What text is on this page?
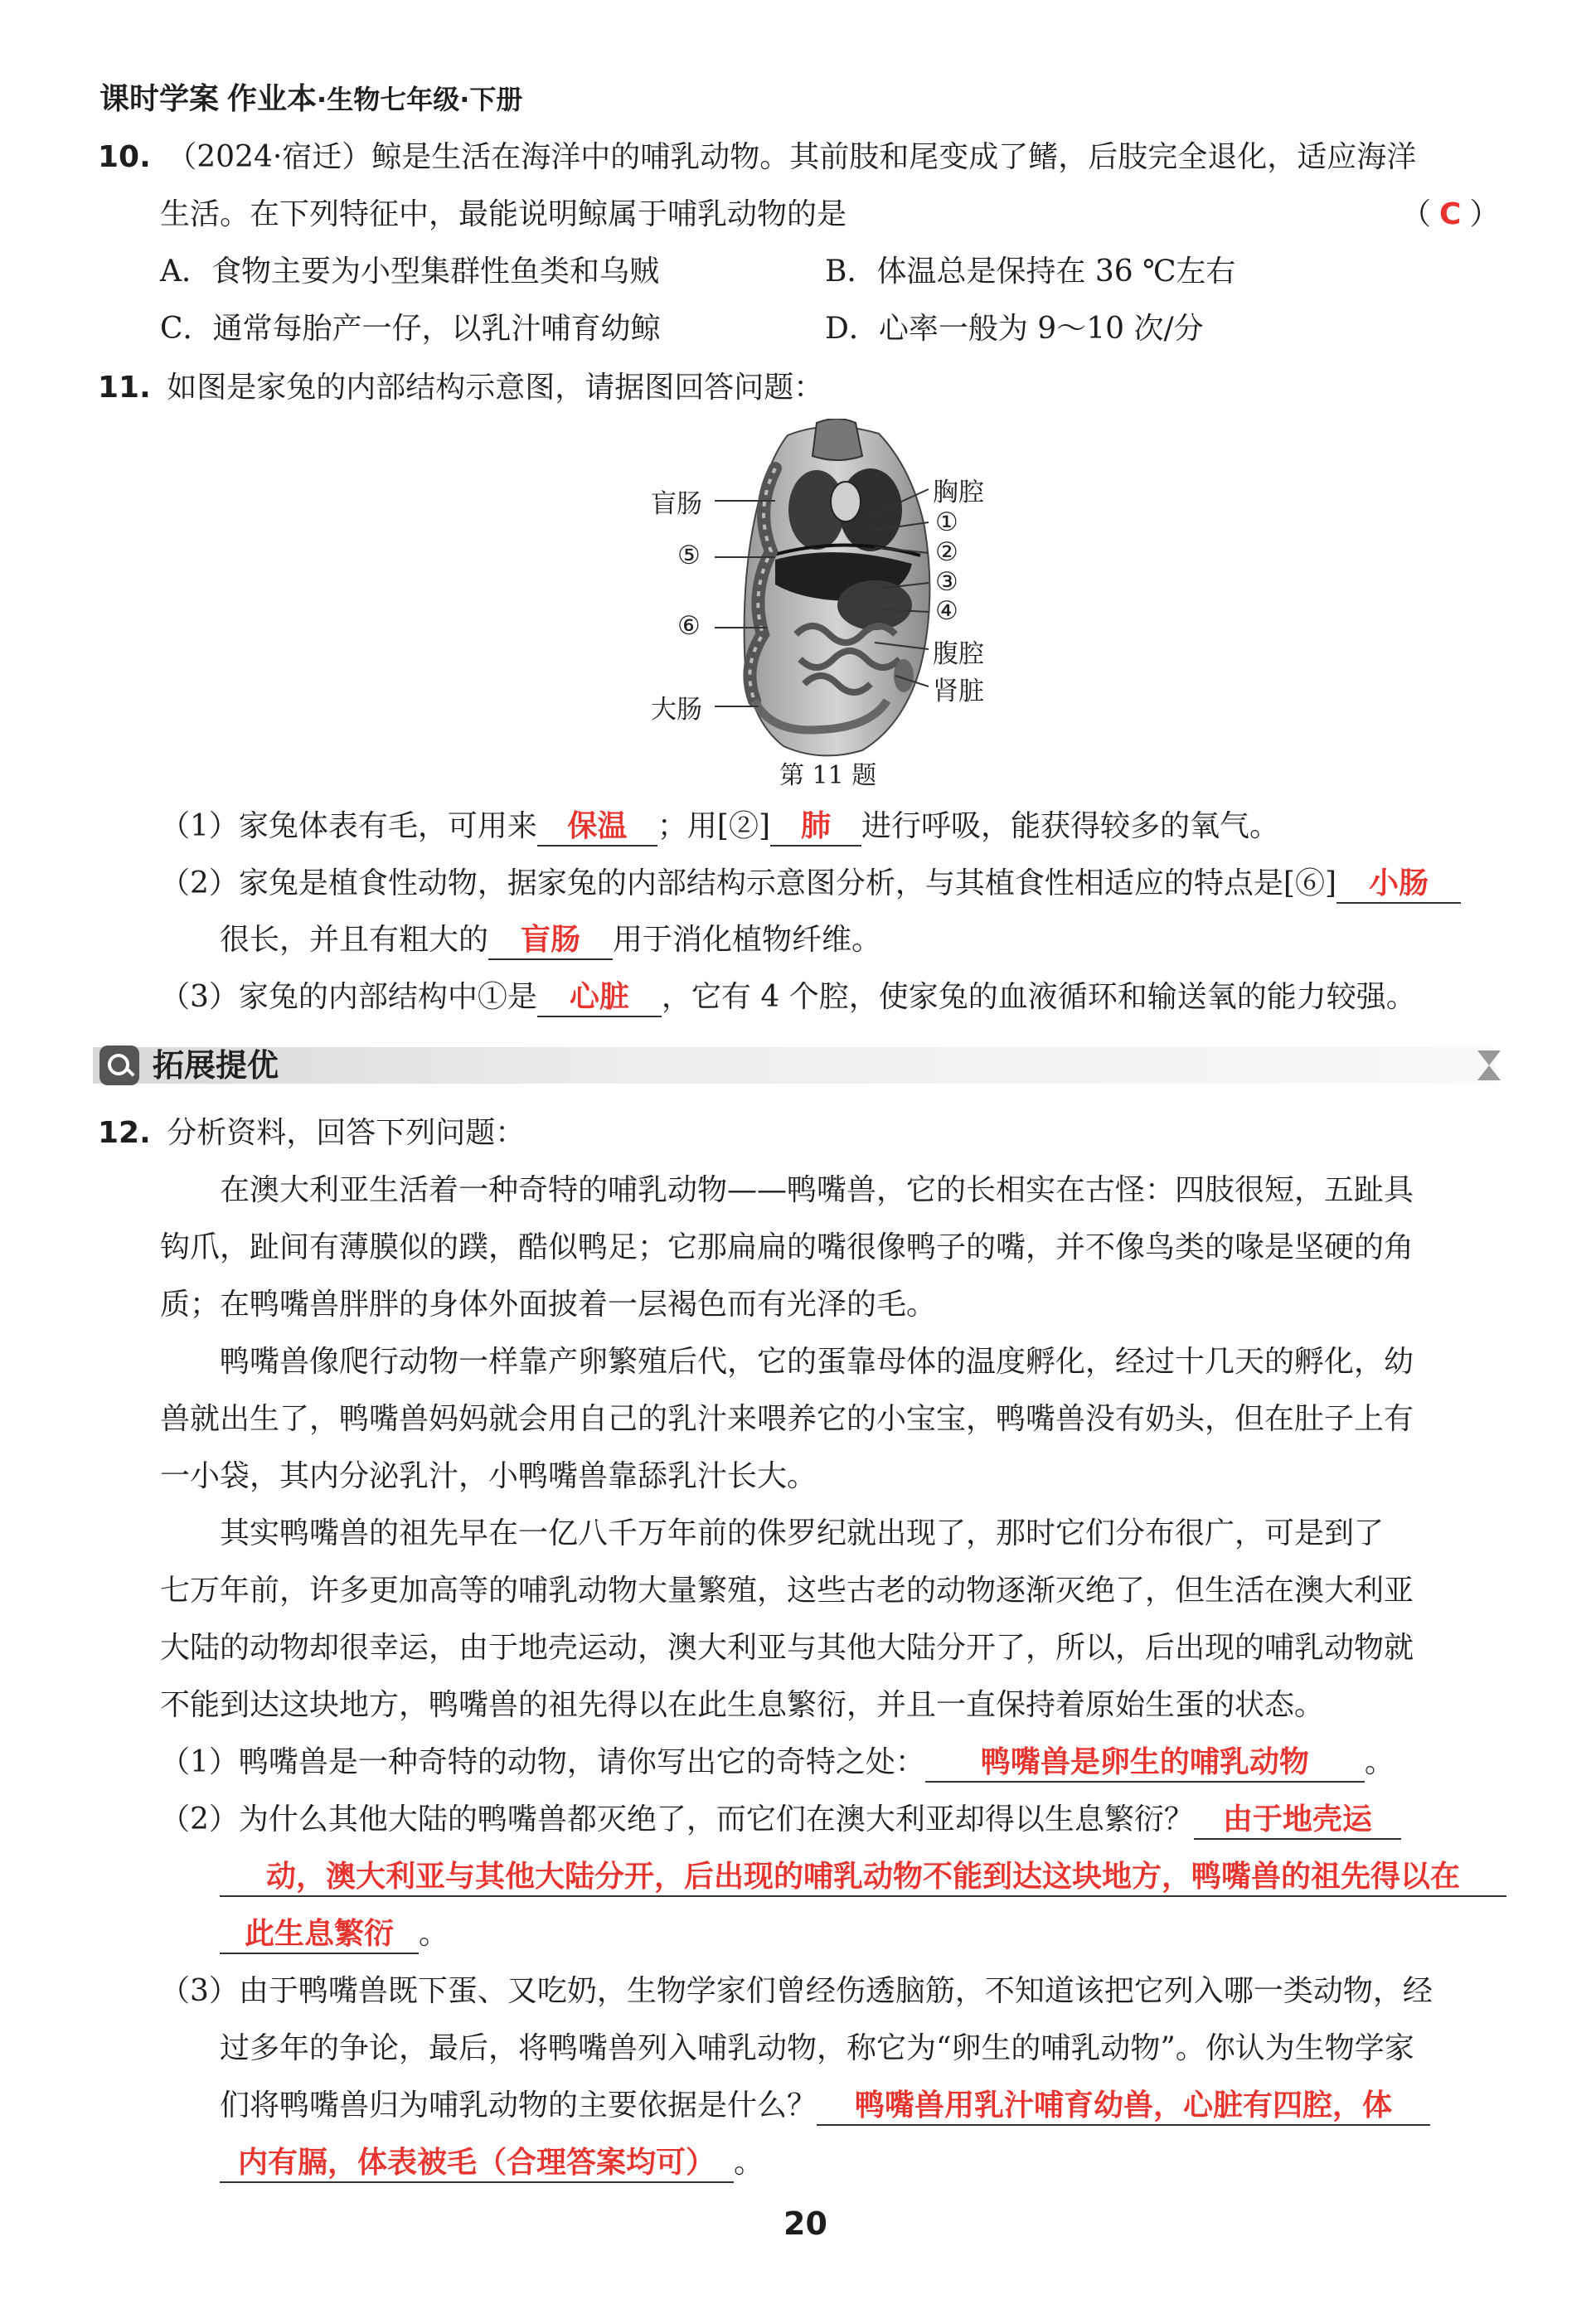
课时学案 作业本·生物七年级·下册
10. （2024·宿迁）鲸是生活在海洋中的哺乳动物。其前肢和尾变成了鳍，后肢完全退化，适应海洋
生活。在下列特征中，最能说明鲸属于哺乳动物的是	（ C ）
A．食物主要为小型集群性鱼类和乌贼	B．体温总是保持在 36 ℃左右
C．通常每胎产一仔，以乳汁哺育幼鲸	D．心率一般为 9～10 次/分
11. 如图是家兔的内部结构示意图，请据图回答问题：
盲肠
⑤
⑥
大肠
胸腔
①
②
③
④
腹腔
肾脏
第 11 题
（1）家兔体表有毛，可用来 保温 ；用[②] 肺 进行呼吸，能获得较多的氧气。
（2）家兔是植食性动物，据家兔的内部结构示意图分析，与其植食性相适应的特点是[⑥] 小肠
很长，并且有粗大的 盲肠 用于消化植物纤维。
（3）家兔的内部结构中①是 心脏 ，它有 4 个腔，使家兔的血液循环和输送氧的能力较强。
拓展提优
12. 分析资料，回答下列问题：
在澳大利亚生活着一种奇特的哺乳动物——鸭嘴兽，它的长相实在古怪：四肢很短，五趾具
钩爪，趾间有薄膜似的蹼，酷似鸭足；它那扁扁的嘴很像鸭子的嘴，并不像鸟类的喙是坚硬的角
质；在鸭嘴兽胖胖的身体外面披着一层褐色而有光泽的毛。
鸭嘴兽像爬行动物一样靠产卵繁殖后代，它的蛋靠母体的温度孵化，经过十几天的孵化，幼
兽就出生了，鸭嘴兽妈妈就会用自己的乳汁来喂养它的小宝宝，鸭嘴兽没有奶头，但在肚子上有
一小袋，其内分泌乳汁，小鸭嘴兽靠舔乳汁长大。
其实鸭嘴兽的祖先早在一亿八千万年前的侏罗纪就出现了，那时它们分布很广，可是到了
七万年前，许多更加高等的哺乳动物大量繁殖，这些古老的动物逐渐灭绝了，但生活在澳大利亚
大陆的动物却很幸运，由于地壳运动，澳大利亚与其他大陆分开了，所以，后出现的哺乳动物就
不能到达这块地方，鸭嘴兽的祖先得以在此生息繁衍，并且一直保持着原始生蛋的状态。
（1）鸭嘴兽是一种奇特的动物，请你写出它的奇特之处： 鸭嘴兽是卵生的哺乳动物 。
（2）为什么其他大陆的鸭嘴兽都灭绝了，而它们在澳大利亚却得以生息繁衍？ 由于地壳运
动，澳大利亚与其他大陆分开，后出现的哺乳动物不能到达这块地方，鸭嘴兽的祖先得以在
此生息繁衍 。
（3）由于鸭嘴兽既下蛋、又吃奶，生物学家们曾经伤透脑筋，不知道该把它列入哪一类动物，经
过多年的争论，最后，将鸭嘴兽列入哺乳动物，称它为“卵生的哺乳动物”。你认为生物学家
们将鸭嘴兽归为哺乳动物的主要依据是什么？ 鸭嘴兽用乳汁哺育幼兽，心脏有四腔，体
内有膈，体表被毛（合理答案均可） 。
20
